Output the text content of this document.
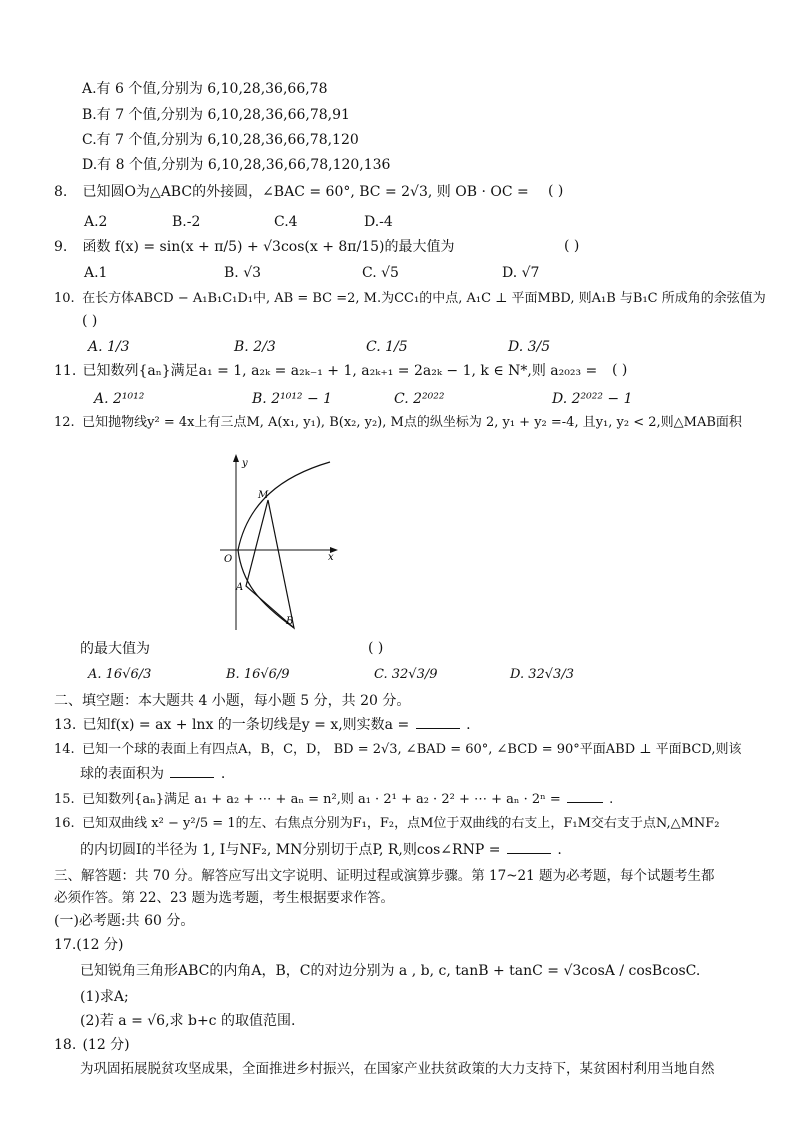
A.有 6 个值,分别为 6,10,28,36,66,78
B.有 7 个值,分别为 6,10,28,36,66,78,91
C.有 7 个值,分别为 6,10,28,36,66,78,120
D.有 8 个值,分别为 6,10,28,36,66,78,120,136
8. 已知圆O为△ABC的外接圆，∠BAC = 60°, BC = 2√3, 则 OB · OC = ( )
A.2	B.-2	C.4	D.-4
9. 函数 f(x) = sin(x + π/5) + √3cos(x + 8π/15)的最大值为	( )
A.1	B. √3	C. √5	D. √7
10. 在长方体ABCD − A₁B₁C₁D₁中, AB = BC =2, M.为CC₁的中点, A₁C ⊥ 平面MBD, 则A₁B 与B₁C 所成角的余弦值为
( )
A. 1/3	B. 2/3	C. 1/5	D. 3/5
11. 已知数列{aₙ}满足a₁ = 1, a₂ₖ = a₂ₖ₋₁ + 1, a₂ₖ₊₁ = 2a₂ₖ − 1, k ∈ N*,则 a₂₀₂₃ = ( )
A. 2¹⁰¹²	B. 2¹⁰¹² − 1	C. 2²⁰²²	D. 2²⁰²² − 1
12. 已知抛物线y² = 4x上有三点M, A(x₁, y₁), B(x₂, y₂), M点的纵坐标为 2, y₁ + y₂ =-4, 且y₁, y₂ < 2,则△MAB面积
y
x
O
M
A
B
的最大值为	( )
A. 16√6/3	B. 16√6/9	C. 32√3/9	D. 32√3/3
二、填空题：本大题共 4 小题，每小题 5 分，共 20 分。
13. 已知f(x) = ax + lnx 的一条切线是y = x,则实数a =	.
14. 已知一个球的表面上有四点A，B，C，D， BD = 2√3, ∠BAD = 60°, ∠BCD = 90°平面ABD ⊥ 平面BCD,则该
球的表面积为	.
15. 已知数列{aₙ}满足 a₁ + a₂ + ⋯ + aₙ = n²,则 a₁ · 2¹ + a₂ · 2² + ⋯ + aₙ · 2ⁿ =	.
16. 已知双曲线 x² − y²/5 = 1的左、右焦点分别为F₁，F₂，点M位于双曲线的右支上，F₁M交右支于点N,△MNF₂
的内切圆I的半径为 1, I与NF₂, MN分别切于点P, R,则cos∠RNP =	.
三、解答题：共 70 分。解答应写出文字说明、证明过程或演算步骤。第 17~21 题为必考题，每个试题考生都
必须作答。第 22、23 题为选考题，考生根据要求作答。
(一)必考题:共 60 分。
17.(12 分)
已知锐角三角形ABC的内角A，B，C的对边分别为 a , b, c, tanB + tanC = √3cosA / cosBcosC.
(1)求A;
(2)若 a = √6,求 b+c 的取值范围.
18. (12 分)
为巩固拓展脱贫攻坚成果，全面推进乡村振兴，在国家产业扶贫政策的大力支持下，某贫困村利用当地自然
